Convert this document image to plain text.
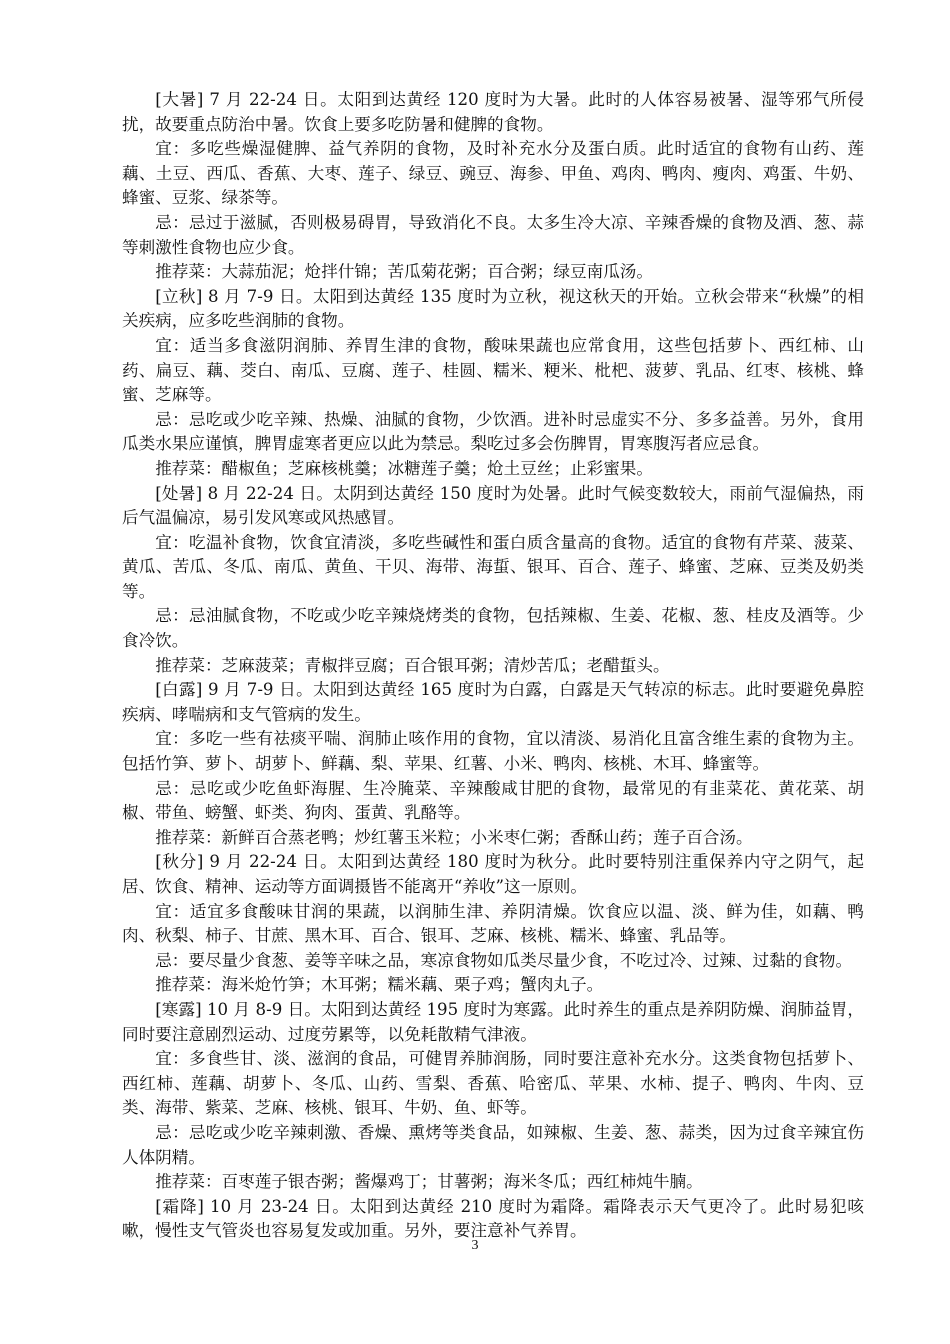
[大暑] 7 月 22-24 日。太阳到达黄经 120 度时为大暑。此时的人体容易被暑、湿等邪气所侵扰，故要重点防治中暑。饮食上要多吃防暑和健脾的食物。

宜：多吃些燥湿健脾、益气养阴的食物，及时补充水分及蛋白质。此时适宜的食物有山药、莲藕、土豆、西瓜、香蕉、大枣、莲子、绿豆、豌豆、海参、甲鱼、鸡肉、鸭肉、瘦肉、鸡蛋、牛奶、蜂蜜、豆浆、绿茶等。

忌：忌过于滋腻，否则极易碍胃，导致消化不良。太多生冷大凉、辛辣香燥的食物及酒、葱、蒜等刺激性食物也应少食。

推荐菜：大蒜茄泥；炝拌什锦；苦瓜菊花粥；百合粥；绿豆南瓜汤。

[立秋] 8 月 7-9 日。太阳到达黄经 135 度时为立秋，视这秋天的开始。立秋会带来“秋燥”的相关疾病，应多吃些润肺的食物。

宜：适当多食滋阴润肺、养胃生津的食物，酸味果蔬也应常食用，这些包括萝卜、西红柿、山药、扁豆、藕、茭白、南瓜、豆腐、莲子、桂圆、糯米、粳米、枇杷、菠萝、乳品、红枣、核桃、蜂蜜、芝麻等。

忌：忌吃或少吃辛辣、热燥、油腻的食物，少饮酒。进补时忌虚实不分、多多益善。另外，食用瓜类水果应谨慎，脾胃虚寒者更应以此为禁忌。梨吃过多会伤脾胃，胃寒腹泻者应忌食。

推荐菜：醋椒鱼；芝麻核桃羹；冰糖莲子羹；炝土豆丝；止彩蜜果。

[处暑] 8 月 22-24 日。太阴到达黄经 150 度时为处暑。此时气候变数较大，雨前气湿偏热，雨后气温偏凉，易引发风寒或风热感冒。

宜：吃温补食物，饮食宜清淡，多吃些碱性和蛋白质含量高的食物。适宜的食物有芹菜、菠菜、黄瓜、苦瓜、冬瓜、南瓜、黄鱼、干贝、海带、海蜇、银耳、百合、莲子、蜂蜜、芝麻、豆类及奶类等。

忌：忌油腻食物，不吃或少吃辛辣烧烤类的食物，包括辣椒、生姜、花椒、葱、桂皮及酒等。少食冷饮。

推荐菜：芝麻菠菜；青椒拌豆腐；百合银耳粥；清炒苦瓜；老醋蜇头。

[白露] 9 月 7-9 日。太阳到达黄经 165 度时为白露，白露是天气转凉的标志。此时要避免鼻腔疾病、哮喘病和支气管病的发生。

宜：多吃一些有祛痰平喘、润肺止咳作用的食物，宜以清淡、易消化且富含维生素的食物为主。包括竹笋、萝卜、胡萝卜、鲜藕、梨、苹果、红薯、小米、鸭肉、核桃、木耳、蜂蜜等。

忌：忌吃或少吃鱼虾海腥、生冷腌菜、辛辣酸咸甘肥的食物，最常见的有韭菜花、黄花菜、胡椒、带鱼、螃蟹、虾类、狗肉、蛋黄、乳酪等。

推荐菜：新鲜百合蒸老鸭；炒红薯玉米粒；小米枣仁粥；香酥山药；莲子百合汤。

[秋分] 9 月 22-24 日。太阳到达黄经 180 度时为秋分。此时要特别注重保养内守之阴气，起居、饮食、精神、运动等方面调摄皆不能离开“养收”这一原则。

宜：适宜多食酸味甘润的果蔬，以润肺生津、养阴清燥。饮食应以温、淡、鲜为佳，如藕、鸭肉、秋梨、柿子、甘蔗、黑木耳、百合、银耳、芝麻、核桃、糯米、蜂蜜、乳品等。

忌：要尽量少食葱、姜等辛味之品，寒凉食物如瓜类尽量少食，不吃过冷、过辣、过黏的食物。

推荐菜：海米炝竹笋；木耳粥；糯米藕、栗子鸡；蟹肉丸子。

[寒露] 10 月 8-9 日。太阳到达黄经 195 度时为寒露。此时养生的重点是养阴防燥、润肺益胃，同时要注意剧烈运动、过度劳累等，以免耗散精气津液。

宜：多食些甘、淡、滋润的食品，可健胃养肺润肠，同时要注意补充水分。这类食物包括萝卜、西红柿、莲藕、胡萝卜、冬瓜、山药、雪梨、香蕉、哈密瓜、苹果、水柿、提子、鸭肉、牛肉、豆类、海带、紫菜、芝麻、核桃、银耳、牛奶、鱼、虾等。

忌：忌吃或少吃辛辣刺激、香燥、熏烤等类食品，如辣椒、生姜、葱、蒜类，因为过食辛辣宜伤人体阴精。

推荐菜：百枣莲子银杏粥；酱爆鸡丁；甘薯粥；海米冬瓜；西红柿炖牛腩。

[霜降] 10 月 23-24 日。太阳到达黄经 210 度时为霜降。霜降表示天气更冷了。此时易犯咳嗽，慢性支气管炎也容易复发或加重。另外，要注意补气养胃。

3
